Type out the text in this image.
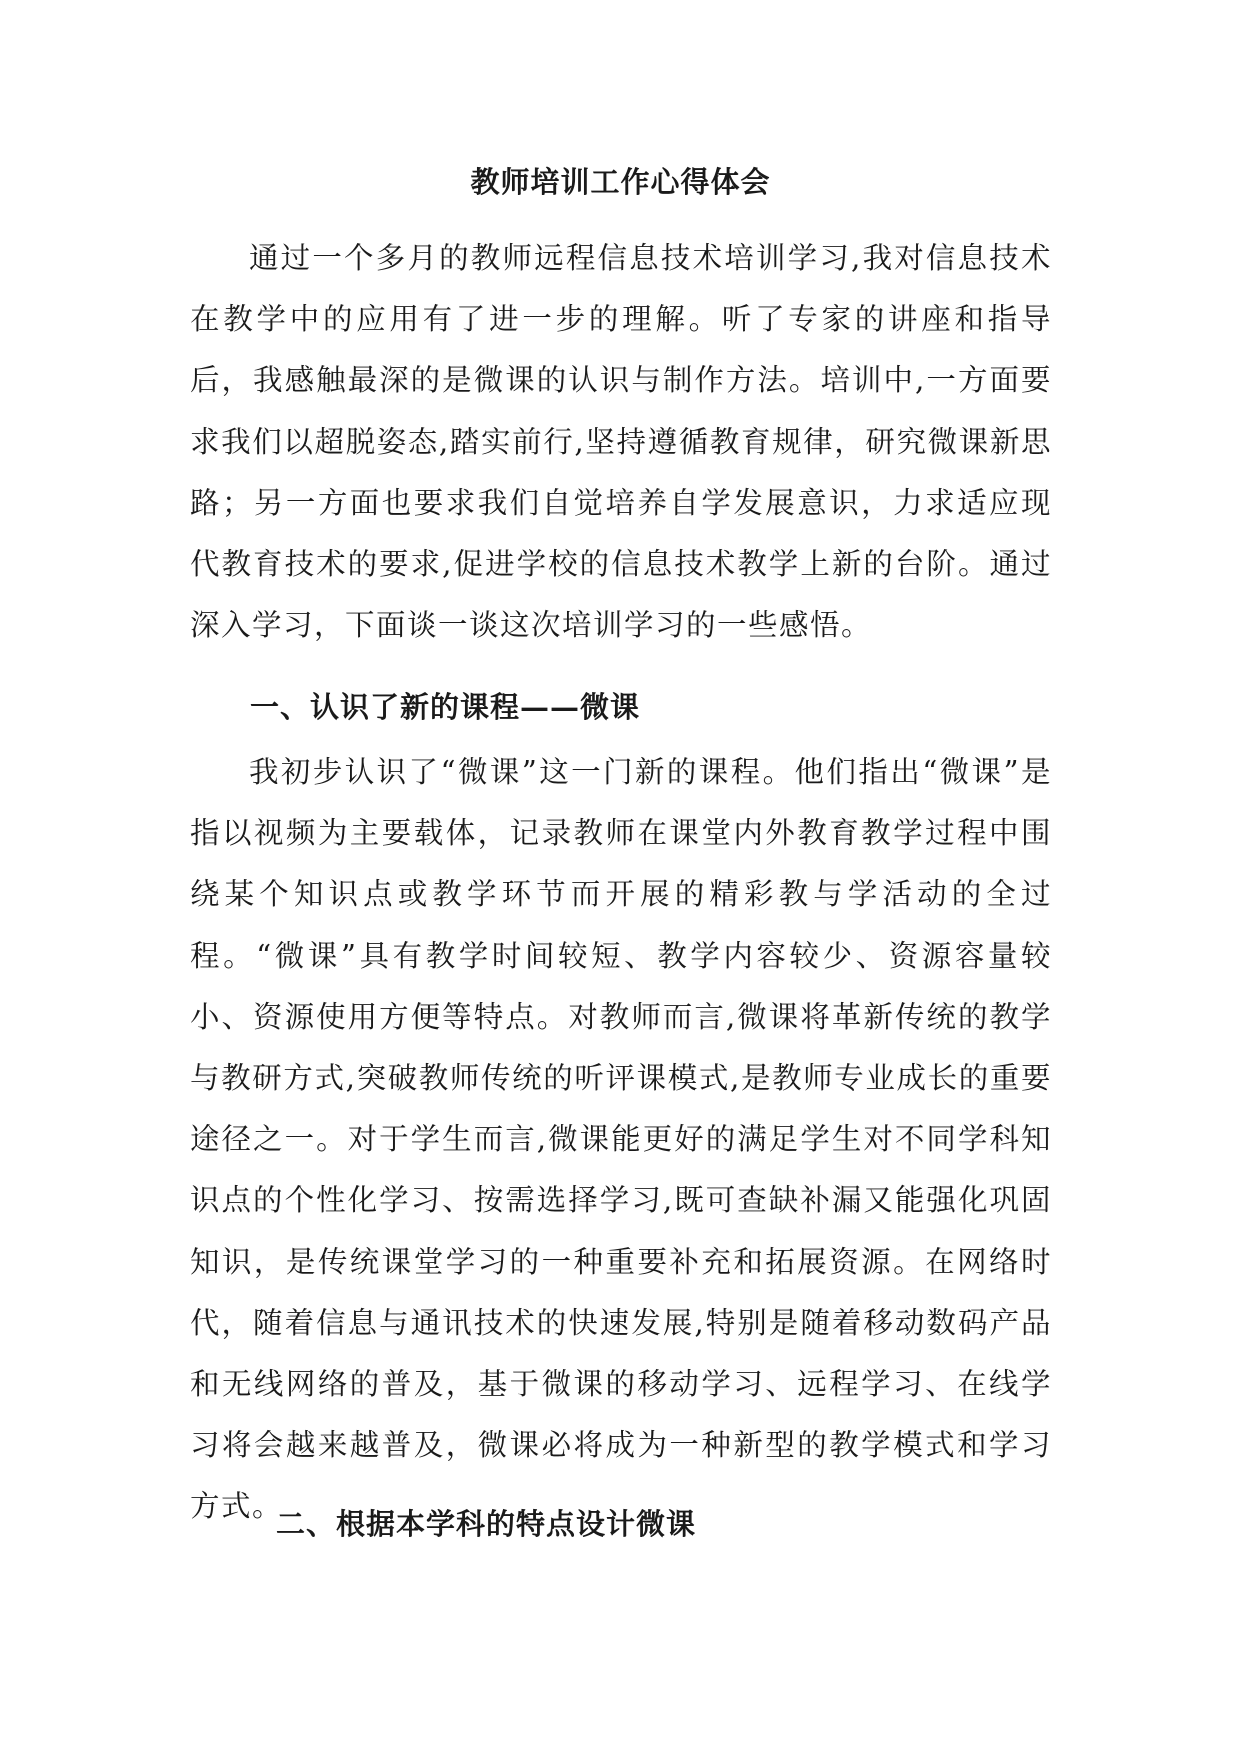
教师培训工作心得体会

通过一个多月的教师远程信息技术培训学习,我对信息技术在教学中的应用有了进一步的理解。听了专家的讲座和指导后，我感触最深的是微课的认识与制作方法。培训中,一方面要求我们以超脱姿态,踏实前行,坚持遵循教育规律，研究微课新思路；另一方面也要求我们自觉培养自学发展意识，力求适应现代教育技术的要求,促进学校的信息技术教学上新的台阶。通过深入学习，下面谈一谈这次培训学习的一些感悟。

一、认识了新的课程——微课

我初步认识了“微课”这一门新的课程。他们指出“微课”是指以视频为主要载体，记录教师在课堂内外教育教学过程中围绕某个知识点或教学环节而开展的精彩教与学活动的全过程。“微课”具有教学时间较短、教学内容较少、资源容量较小、资源使用方便等特点。对教师而言,微课将革新传统的教学与教研方式,突破教师传统的听评课模式,是教师专业成长的重要途径之一。对于学生而言,微课能更好的满足学生对不同学科知识点的个性化学习、按需选择学习,既可查缺补漏又能强化巩固知识，是传统课堂学习的一种重要补充和拓展资源。在网络时代，随着信息与通讯技术的快速发展,特别是随着移动数码产品和无线网络的普及，基于微课的移动学习、远程学习、在线学习将会越来越普及，微课必将成为一种新型的教学模式和学习方式。

二、根据本学科的特点设计微课
